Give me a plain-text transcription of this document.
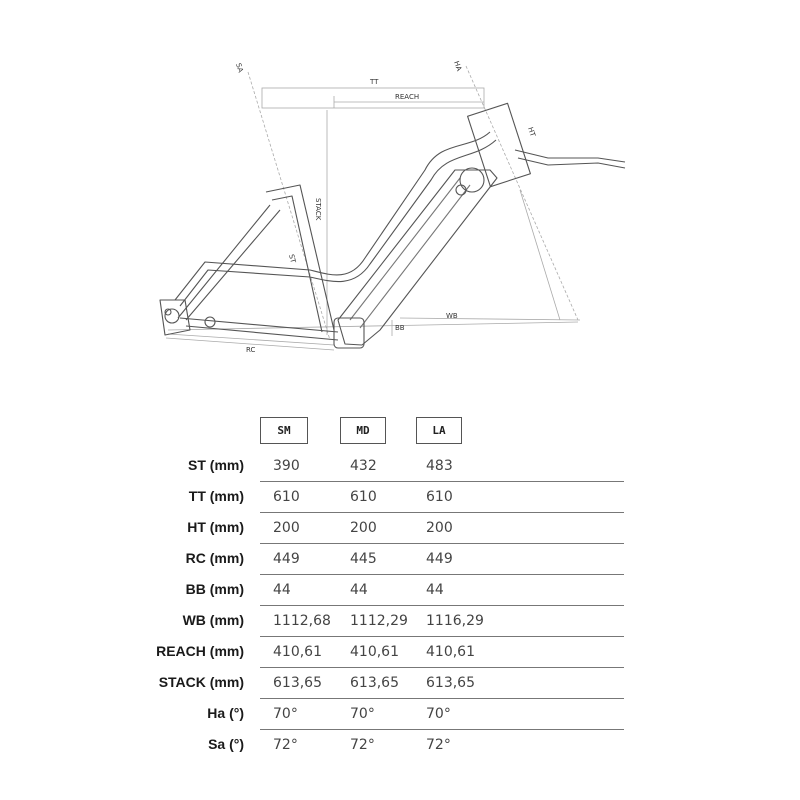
TT
REACH
STACK
ST
HT
WB
BB
RC
SA	HA
SM	MD	LA
ST (mm) 390	432	483
TT (mm) 610	610	610
HT (mm) 200	200	200
RC (mm) 449	445	449
BB (mm) 44	44	44
WB (mm) 1112,68 1112,29 1116,29
REACH (mm) 410,61 410,61 410,61
STACK (mm) 613,65 613,65 613,65
Ha (°) 70°	70°	70°
Sa (°) 72°	72°	72°
